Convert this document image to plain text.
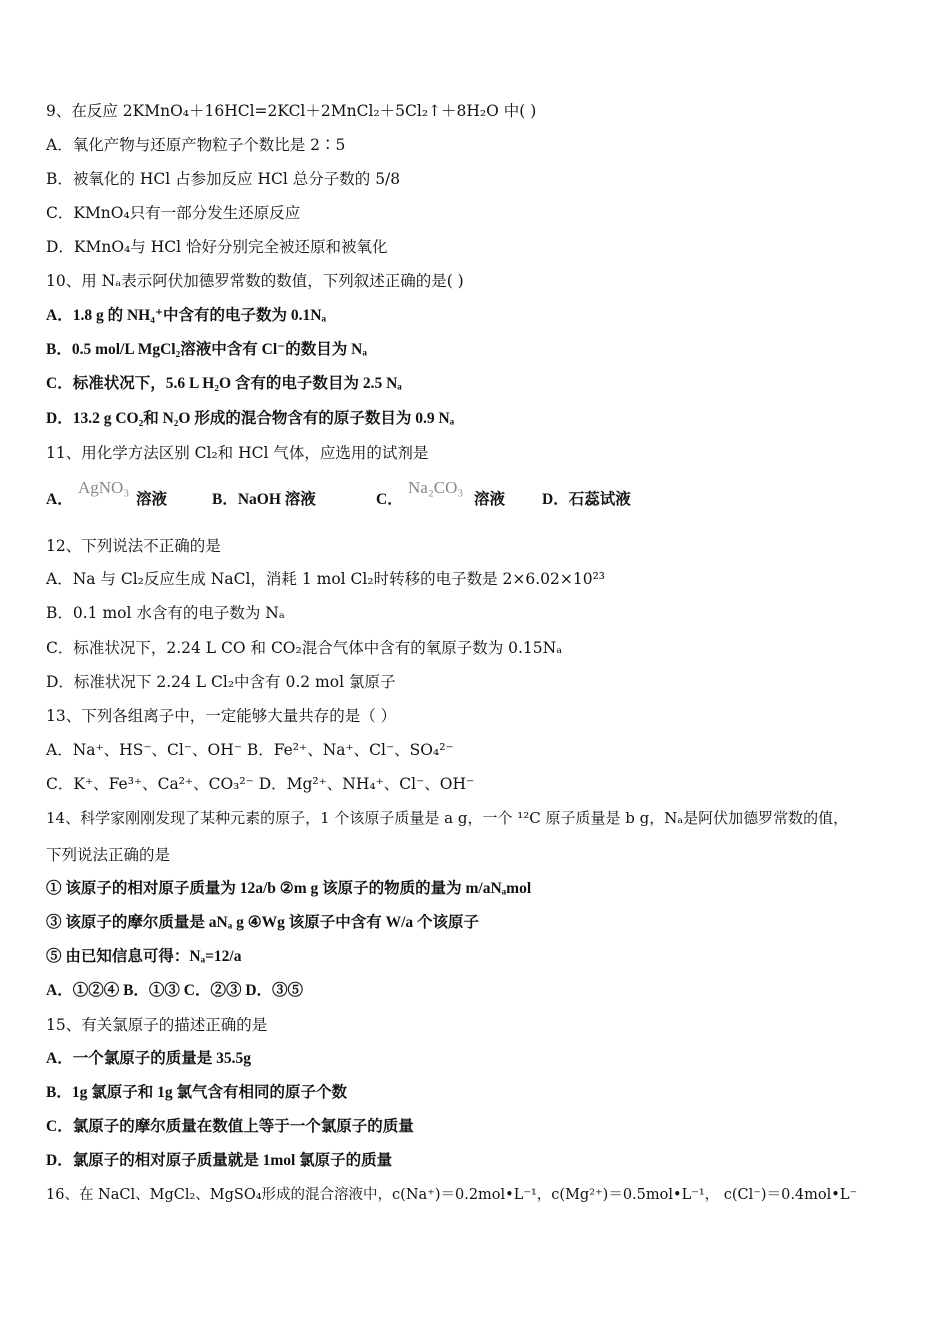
9、在反应 2KMnO₄＋16HCl=2KCl＋2MnCl₂＋5Cl₂↑＋8H₂O 中( )
A．氧化产物与还原产物粒子个数比是 2∶5
B．被氧化的 HCl 占参加反应 HCl 总分子数的 5/8
C．KMnO₄只有一部分发生还原反应
D．KMnO₄与 HCl 恰好分别完全被还原和被氧化
10、用 Nₐ表示阿伏加德罗常数的数值，下列叙述正确的是( )
A．1.8 g 的 NH₄⁺中含有的电子数为 0.1Nₐ
B．0.5 mol/L MgCl₂溶液中含有 Cl⁻的数目为 Nₐ
C．标准状况下，5.6 L H₂O 含有的电子数目为 2.5 Nₐ
D．13.2 g CO₂和 N₂O 形成的混合物含有的原子数目为 0.9 Nₐ
11、用化学方法区别 Cl₂和 HCl 气体，应选用的试剂是
A．
AgNO₃
溶液	B．NaOH 溶液	C．
Na₂CO₃
溶液 D．石蕊试液
12、下列说法不正确的是
A．Na 与 Cl₂反应生成 NaCl，消耗 1 mol Cl₂时转移的电子数是 2×6.02×10²³
B．0.1 mol 水含有的电子数为 Nₐ
C．标准状况下，2.24 L CO 和 CO₂混合气体中含有的氧原子数为 0.15Nₐ
D．标准状况下 2.24 L Cl₂中含有 0.2 mol 氯原子
13、下列各组离子中，一定能够大量共存的是（ ）
A．Na⁺、HS⁻、Cl⁻、OH⁻ B．Fe²⁺、Na⁺、Cl⁻、SO₄²⁻
C．K⁺、Fe³⁺、Ca²⁺、CO₃²⁻ D．Mg²⁺、NH₄⁺、Cl⁻、OH⁻
14、科学家刚刚发现了某种元素的原子，1 个该原子质量是 a g，一个 ¹²C 原子质量是 b g，Nₐ是阿伏加德罗常数的值，
下列说法正确的是
① 该原子的相对原子质量为 12a/b ②m g 该原子的物质的量为 m/aNₐmol
③ 该原子的摩尔质量是 aNₐ g ④Wg 该原子中含有 W/a 个该原子
⑤ 由已知信息可得：Nₐ=12/a
A．①②④ B．①③ C．②③ D．③⑤
15、有关氯原子的描述正确的是
A．一个氯原子的质量是 35.5g
B．1g 氯原子和 1g 氯气含有相同的原子个数
C．氯原子的摩尔质量在数值上等于一个氯原子的质量
D．氯原子的相对原子质量就是 1mol 氯原子的质量
16、在 NaCl、MgCl₂、MgSO₄形成的混合溶液中，c(Na⁺)＝0.2mol•L⁻¹，c(Mg²⁺)＝0.5mol•L⁻¹， c(Cl⁻)＝0.4mol•L⁻
